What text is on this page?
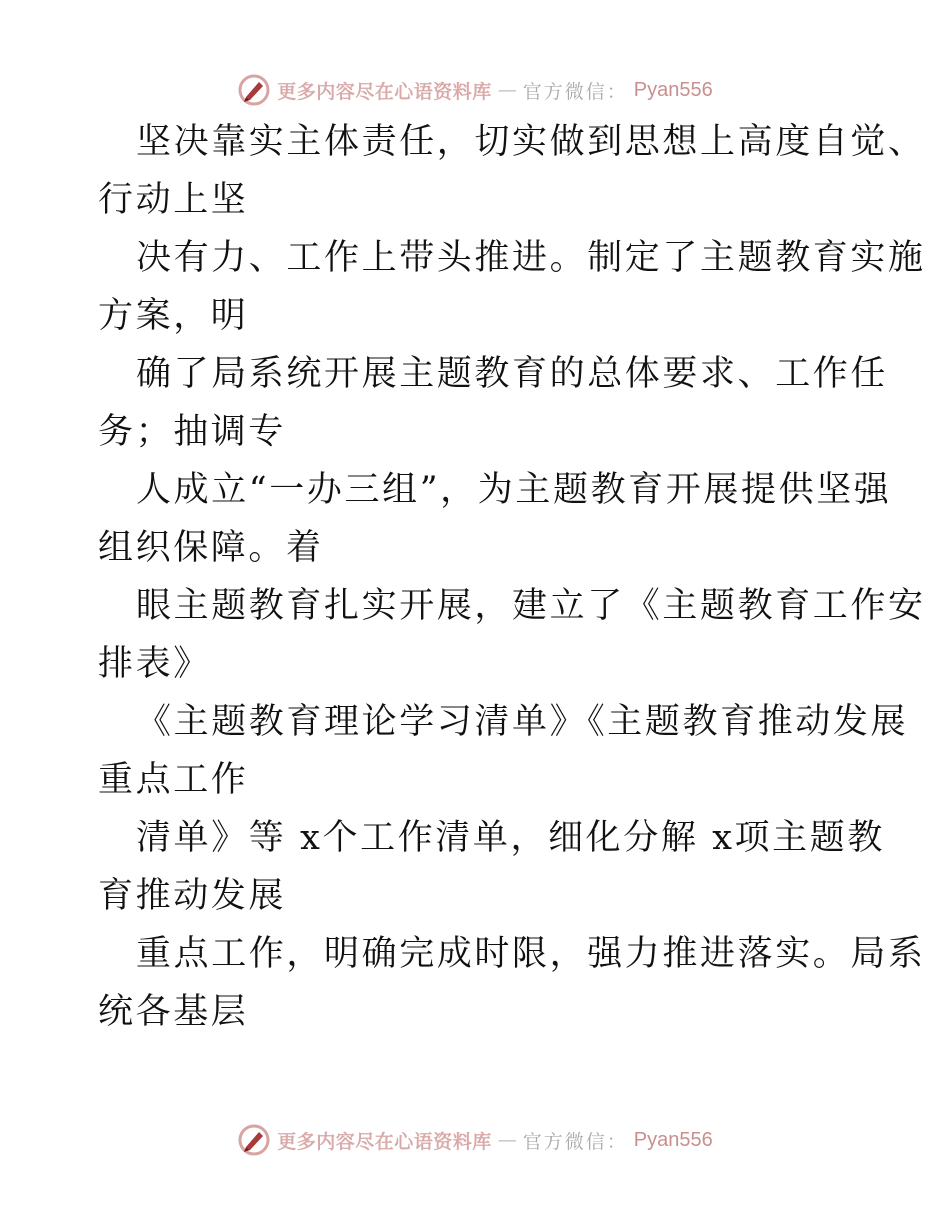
更多内容尽在心语资料库 — 官方微信： Pyan556
坚决靠实主体责任，切实做到思想上高度自觉、
行动上坚
决有力、工作上带头推进。制定了主题教育实施
方案，明
确了局系统开展主题教育的总体要求、工作任
务；抽调专
人成立“一办三组”，为主题教育开展提供坚强
组织保障。着
眼主题教育扎实开展，建立了《主题教育工作安
排表》
《主题教育理论学习清单》《主题教育推动发展
重点工作
清单》等 x个工作清单，细化分解 x项主题教
育推动发展
重点工作，明确完成时限，强力推进落实。局系
统各基层
更多内容尽在心语资料库 — 官方微信： Pyan556
